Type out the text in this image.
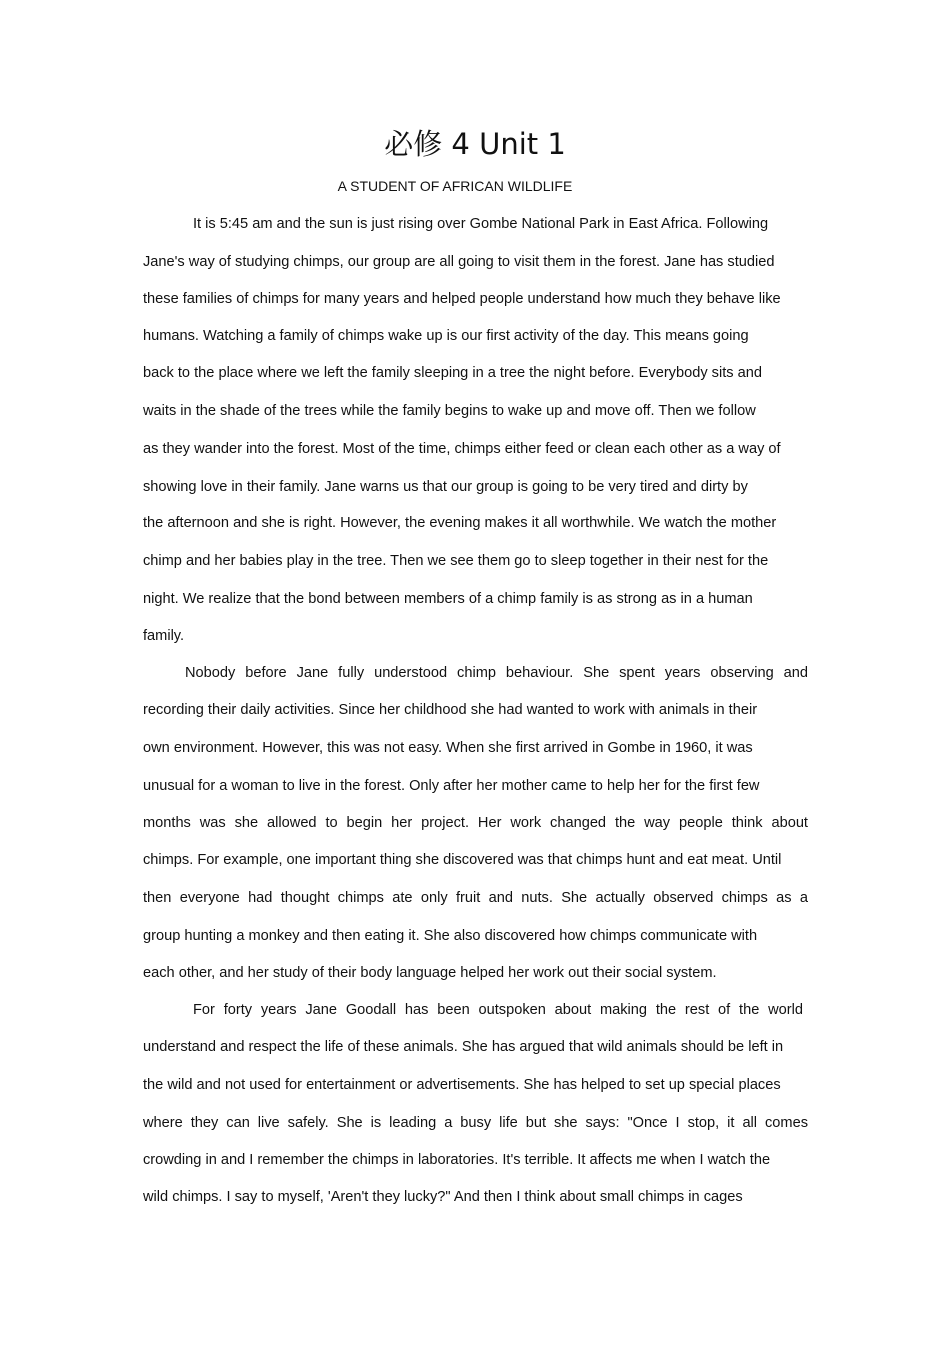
必修 4 Unit 1
A STUDENT OF AFRICAN WILDLIFE
It is 5:45 am and the sun is just rising over Gombe National Park in East Africa. Following
Jane's way of studying chimps, our group are all going to visit them in the forest. Jane has studied
these families of chimps for many years and helped people understand how much they behave like
humans. Watching a family of chimps wake up is our first activity of the day. This means going
back to the place where we left the family sleeping in a tree the night before. Everybody sits and
waits in the shade of the trees while the family begins to wake up and move off. Then we follow
as they wander into the forest. Most of the time, chimps either feed or clean each other as a way of
showing love in their family. Jane warns us that our group is going to be very tired and dirty by
the afternoon and she is right. However, the evening makes it all worthwhile. We watch the mother
chimp and her babies play in the tree. Then we see them go to sleep together in their nest for the
night. We realize that the bond between members of a chimp family is as strong as in a human
family.
Nobody before Jane fully understood chimp behaviour. She spent years observing and
recording their daily activities. Since her childhood she had wanted to work with animals in their
own environment. However, this was not easy. When she first arrived in Gombe in 1960, it was
unusual for a woman to live in the forest. Only after her mother came to help her for the first few
months was she allowed to begin her project. Her work changed the way people think about
chimps. For example, one important thing she discovered was that chimps hunt and eat meat. Until
then everyone had thought chimps ate only fruit and nuts. She actually observed chimps as a
group hunting a monkey and then eating it. She also discovered how chimps communicate with
each other, and her study of their body language helped her work out their social system.
For forty years Jane Goodall has been outspoken about making the rest of the world
understand and respect the life of these animals. She has argued that wild animals should be left in
the wild and not used for entertainment or advertisements. She has helped to set up special places
where they can live safely. She is leading a busy life but she says: "Once I stop, it all comes
crowding in and I remember the chimps in laboratories. It's terrible. It affects me when I watch the
wild chimps. I say to myself, 'Aren't they lucky?" And then I think about small chimps in cages
